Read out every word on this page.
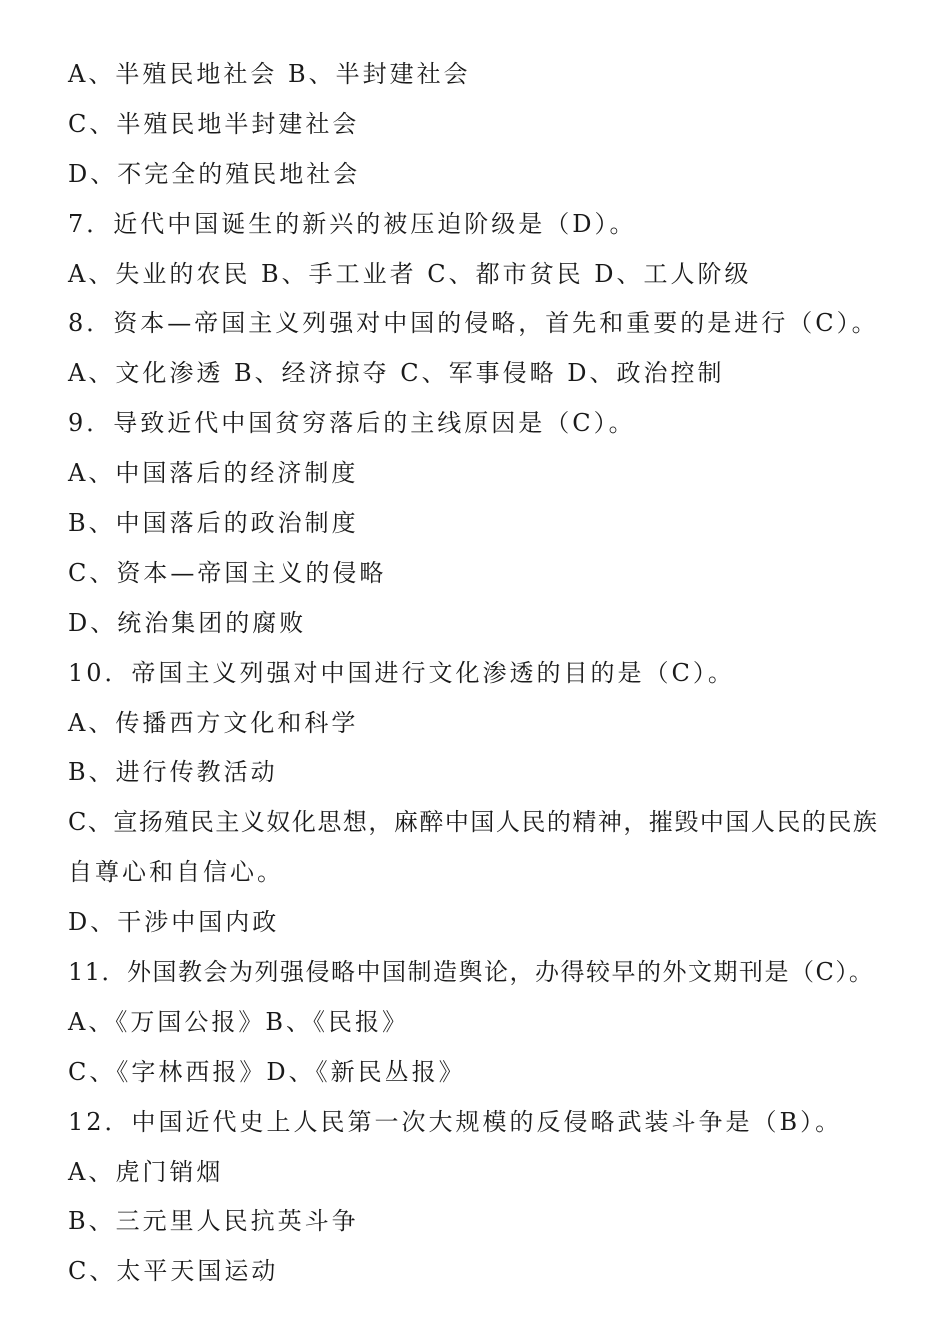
A、半殖民地社会 B、半封建社会
C、半殖民地半封建社会
D、不完全的殖民地社会
7．近代中国诞生的新兴的被压迫阶级是（D）。
A、失业的农民 B、手工业者 C、都市贫民 D、工人阶级
8．资本—帝国主义列强对中国的侵略，首先和重要的是进行（C）。
A、文化渗透 B、经济掠夺 C、军事侵略 D、政治控制
9．导致近代中国贫穷落后的主线原因是（C）。
A、中国落后的经济制度
B、中国落后的政治制度
C、资本—帝国主义的侵略
D、统治集团的腐败
10．帝国主义列强对中国进行文化渗透的目的是（C）。
A、传播西方文化和科学
B、进行传教活动
C、宣扬殖民主义奴化思想，麻醉中国人民的精神，摧毁中国人民的民族
自尊心和自信心。
D、干涉中国内政
11．外国教会为列强侵略中国制造舆论，办得较早的外文期刊是（C）。
A、《万国公报》B、《民报》
C、《字林西报》D、《新民丛报》
12．中国近代史上人民第一次大规模的反侵略武装斗争是（B）。
A、虎门销烟
B、三元里人民抗英斗争
C、太平天国运动
